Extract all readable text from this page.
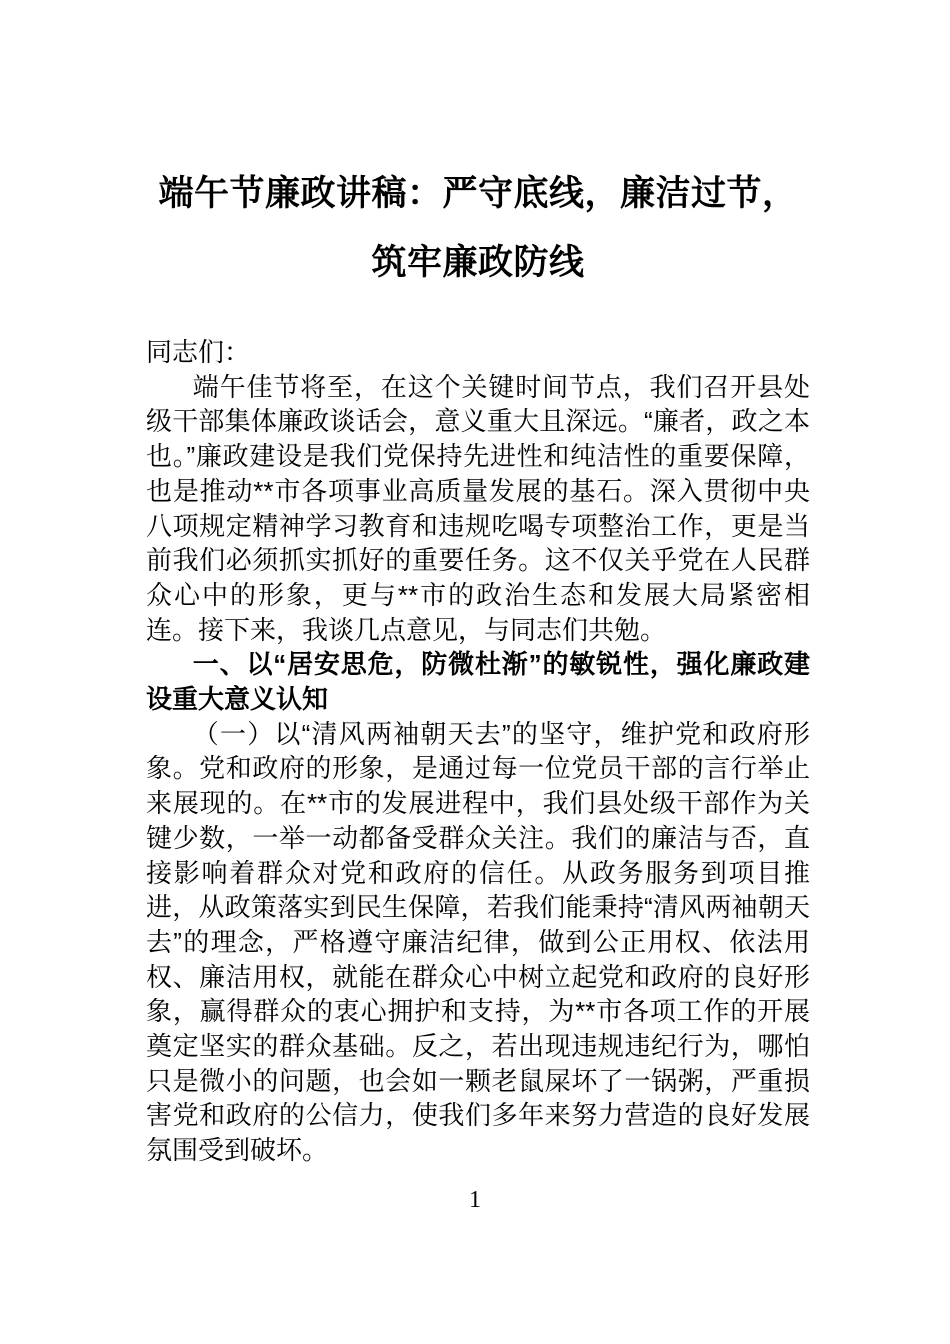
端午节廉政讲稿：严守底线，廉洁过节，
筑牢廉政防线

同志们：

端午佳节将至，在这个关键时间节点，我们召开县处级干部集体廉政谈话会，意义重大且深远。“廉者，政之本也。”廉政建设是我们党保持先进性和纯洁性的重要保障，也是推动**市各项事业高质量发展的基石。深入贯彻中央八项规定精神学习教育和违规吃喝专项整治工作，更是当前我们必须抓实抓好的重要任务。这不仅关乎党在人民群众心中的形象，更与**市的政治生态和发展大局紧密相连。接下来，我谈几点意见，与同志们共勉。

一、以“居安思危，防微杜渐”的敏锐性，强化廉政建设重大意义认知

（一）以“清风两袖朝天去”的坚守，维护党和政府形象。党和政府的形象，是通过每一位党员干部的言行举止来展现的。在**市的发展进程中，我们县处级干部作为关键少数，一举一动都备受群众关注。我们的廉洁与否，直接影响着群众对党和政府的信任。从政务服务到项目推进，从政策落实到民生保障，若我们能秉持“清风两袖朝天去”的理念，严格遵守廉洁纪律，做到公正用权、依法用权、廉洁用权，就能在群众心中树立起党和政府的良好形象，赢得群众的衷心拥护和支持，为**市各项工作的开展奠定坚实的群众基础。反之，若出现违规违纪行为，哪怕只是微小的问题，也会如一颗老鼠屎坏了一锅粥，严重损害党和政府的公信力，使我们多年来努力营造的良好发展氛围受到破坏。

1
